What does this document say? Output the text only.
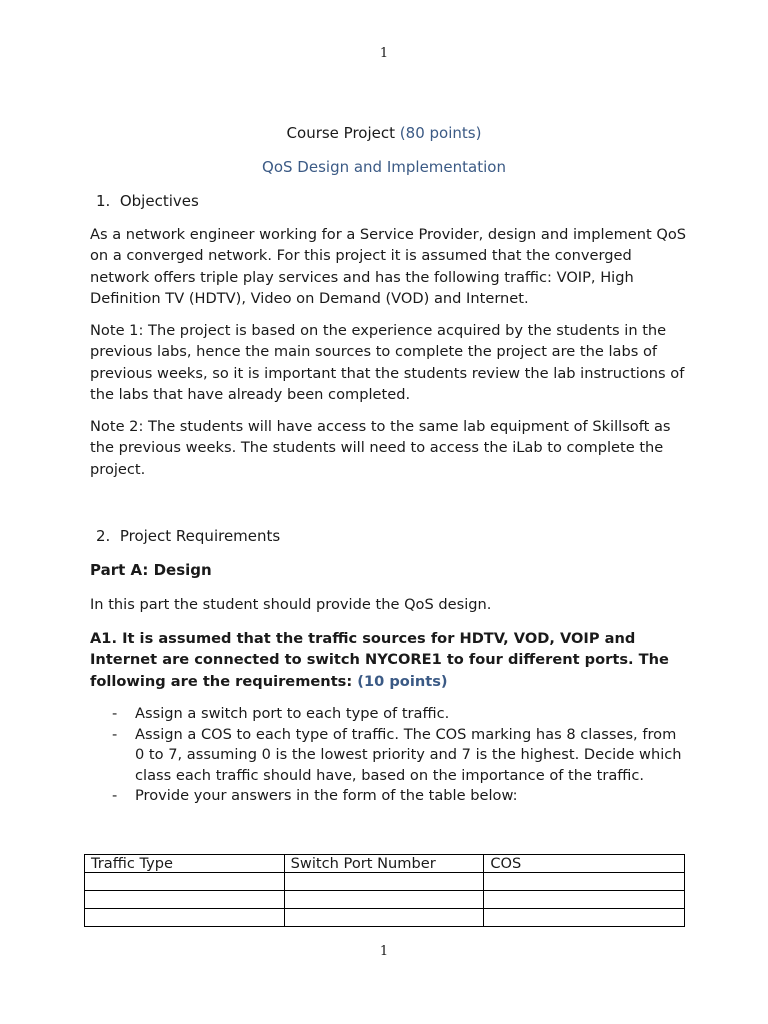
1
Course Project (80 points)
QoS Design and Implementation
1.  Objectives
As a network engineer working for a Service Provider, design and implement QoS on a converged network. For this project it is assumed that the converged network offers triple play services and has the following traffic: VOIP, High Definition TV (HDTV), Video on Demand (VOD) and Internet.
Note 1: The project is based on the experience acquired by the students in the previous labs, hence the main sources to complete the project are the labs of previous weeks, so it is important that the students review the lab instructions of the labs that have already been completed.
Note 2: The students will have access to the same lab equipment of Skillsoft as the previous weeks. The students will need to access the iLab to complete the project.
2.  Project Requirements
Part A: Design
In this part the student should provide the QoS design.
A1. It is assumed that the traffic sources for HDTV, VOD, VOIP and Internet are connected to switch NYCORE1 to four different ports. The following are the requirements: (10 points)
- Assign a switch port to each type of traffic.
- Assign a COS to each type of traffic. The COS marking has 8 classes, from 0 to 7, assuming 0 is the lowest priority and 7 is the highest. Decide which class each traffic should have, based on the importance of the traffic.
- Provide your answers in the form of the table below:
Traffic Type	Switch Port Number	COS

1
